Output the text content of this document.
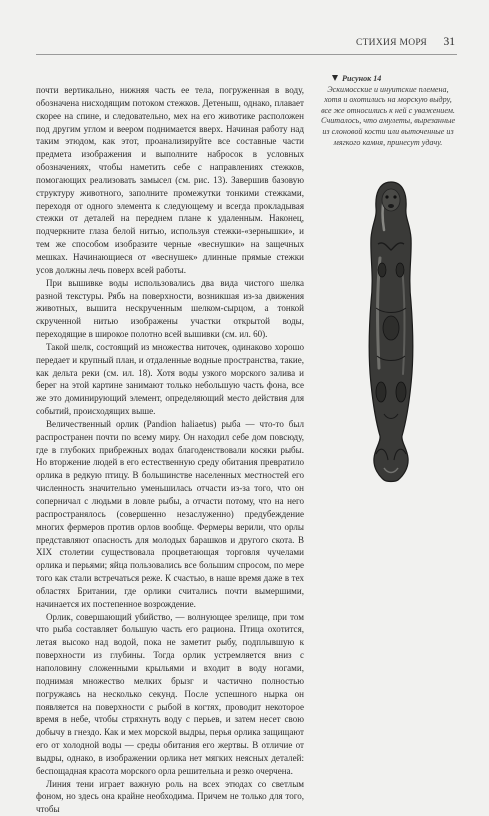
СТИХИЯ МОРЯ 31

почти вертикально, нижняя часть ее тела, погруженная в воду, обозначена нисходящим потоком стежков. Детеныш, однако, плавает скорее на спине, и следовательно, мех на его животике расположен под другим углом и веером поднимается вверх. Начиная работу над таким этюдом, как этот, проанализируйте все составные части предмета изображения и выполните набросок в условных обозначениях, чтобы наметить себе с направлениях стежков, помогающих реализовать замысел (см. рис. 13). Завершив базовую структуру животного, заполните промежутки тонкими стежками, переходя от одного элемента к следующему и всегда прокладывая стежки от деталей на переднем плане к удаленным. Наконец, подчеркните глаза белой нитью, используя стежки-«зернышки», и тем же способом изобразите черные «веснушки» на защечных мешках. Начинающиеся от «веснушек» длинные прямые стежки усов должны лечь поверх всей работы.

При вышивке воды использовались два вида чистого шелка разной текстуры. Рябь на поверхности, возникшая из-за движения животных, вышита нескрученным шелком-сырцом, а тонкой скрученной нитью изображены участки открытой воды, переходящие в широкое полотно всей вышивки (см. ил. 60).

Такой шелк, состоящий из множества ниточек, одинаково хорошо передает и крупный план, и отдаленные водные пространства, такие, как дельта реки (см. ил. 18). Хотя воды узкого морского залива и берег на этой картине занимают только небольшую часть фона, все же это доминирующий элемент, определяющий место действия для событий, происходящих выше.

Величественный орлик (Pandion haliaetus) рыба — что-то был распространен почти по всему миру. Он находил себе дом повсюду, где в глубоких прибрежных водах благоденствовали косяки рыбы. Но вторжение людей в его естественную среду обитания превратило орлика в редкую птицу. В большинстве населенных местностей его численность значительно уменьшилась отчасти из-за того, что он соперничал с людьми в ловле рыбы, а отчасти потому, что на него распространялось (совершенно незаслуженно) предубеждение многих фермеров против орлов вообще. Фермеры верили, что орлы представляют опасность для молодых барашков и другого скота. В XIX столетии существовала процветающая торговля чучелами орлика и перьями; яйца пользовались все большим спросом, по мере того как стали встречаться реже. К счастью, в наше время даже в тех областях Британии, где орлики считались почти вымершими, начинается их постепенное возрождение.

Орлик, совершающий убийство, — волнующее зрелище, при том что рыба составляет большую часть его рациона. Птица охотится, летая высоко над водой, пока не заметит рыбу, подплывшую к поверхности из глубины. Тогда орлик устремляется вниз с наполовину сложенными крыльями и входит в воду ногами, поднимая множество мелких брызг и частично полностью погружаясь на несколько секунд. После успешного нырка он появляется на поверхности с рыбой в когтях, проводит некоторое время в небе, чтобы стряхнуть воду с перьев, и затем несет свою добычу в гнездо. Как и мех морской выдры, перья орлика защищают его от холодной воды — среды обитания его жертвы. В отличие от выдры, однако, в изображении орлика нет мягких неясных деталей: беспощадная красота морского орла решительна и резко очерчена.

Линия тени играет важную роль на всех этюдах со светлым фоном, но здесь она крайне необходима. Причем не только для того, чтобы

Рисунок 14
Эскимосские и инуитские племена, хотя и охотились на морскую выдру, все же относились к ней с уважением. Считалось, что амулеты, вырезанные из слоновой кости или выточенные из мягкого камня, принесут удачу.
